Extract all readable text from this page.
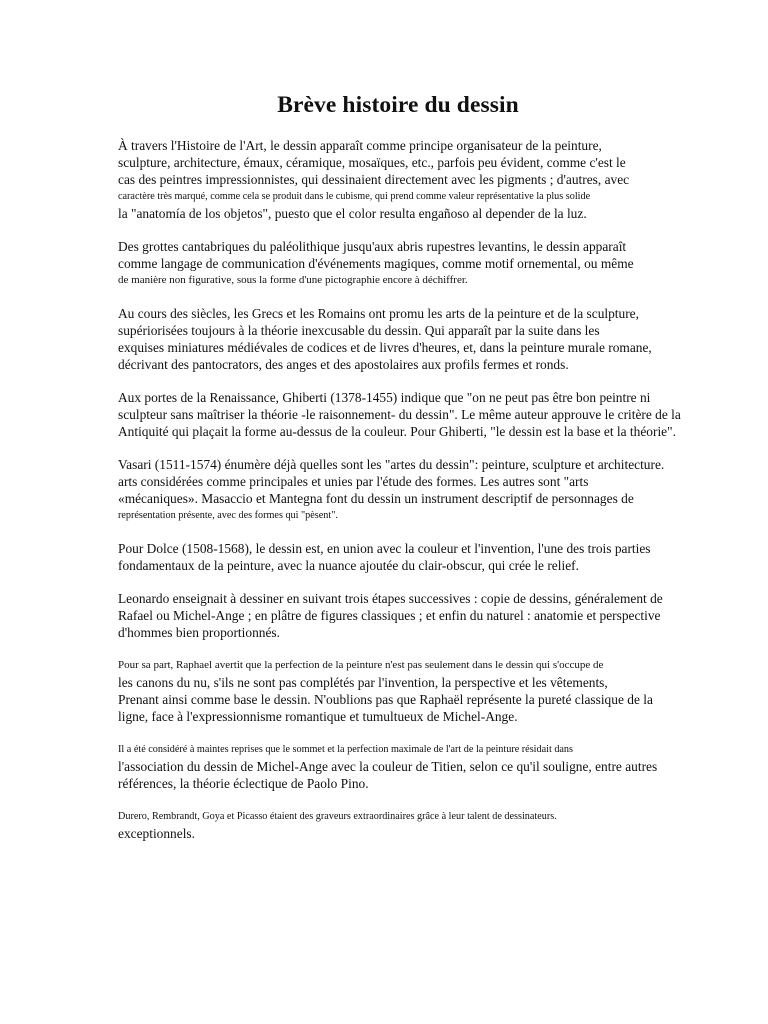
Brève histoire du dessin
À travers l'Histoire de l'Art, le dessin apparaît comme principe organisateur de la peinture,
sculpture, architecture, émaux, céramique, mosaïques, etc., parfois peu évident, comme c'est le
cas des peintres impressionnistes, qui dessinaient directement avec les pigments ; d'autres, avec
caractère très marqué, comme cela se produit dans le cubisme, qui prend comme valeur représentative la plus solide
la "anatomía de los objetos", puesto que el color resulta engañoso al depender de la luz.
Des grottes cantabriques du paléolithique jusqu'aux abris rupestres levantins, le dessin apparaît
comme langage de communication d'événements magiques, comme motif ornemental, ou même
de manière non figurative, sous la forme d'une pictographie encore à déchiffrer.
Au cours des siècles, les Grecs et les Romains ont promu les arts de la peinture et de la sculpture,
supériorisées toujours à la théorie inexcusable du dessin. Qui apparaît par la suite dans les
exquises miniatures médiévales de codices et de livres d'heures, et, dans la peinture murale romane,
décrivant des pantocrators, des anges et des apostolaires aux profils fermes et ronds.
Aux portes de la Renaissance, Ghiberti (1378-1455) indique que "on ne peut pas être bon peintre ni
sculpteur sans maîtriser la théorie -le raisonnement- du dessin". Le même auteur approuve le critère de la
Antiquité qui plaçait la forme au-dessus de la couleur. Pour Ghiberti, "le dessin est la base et la théorie".
Vasari (1511-1574) énumère déjà quelles sont les "artes du dessin": peinture, sculpture et architecture.
arts considérées comme principales et unies par l'étude des formes. Les autres sont "arts
«mécaniques». Masaccio et Mantegna font du dessin un instrument descriptif de personnages de
représentation présente, avec des formes qui "pèsent".
Pour Dolce (1508-1568), le dessin est, en union avec la couleur et l'invention, l'une des trois parties
fondamentaux de la peinture, avec la nuance ajoutée du clair-obscur, qui crée le relief.
Leonardo enseignait à dessiner en suivant trois étapes successives : copie de dessins, généralement de
Rafael ou Michel-Ange ; en plâtre de figures classiques ; et enfin du naturel : anatomie et perspective
d'hommes bien proportionnés.
Pour sa part, Raphael avertit que la perfection de la peinture n'est pas seulement dans le dessin qui s'occupe de
les canons du nu, s'ils ne sont pas complétés par l'invention, la perspective et les vêtements,
Prenant ainsi comme base le dessin. N'oublions pas que Raphaël représente la pureté classique de la
ligne, face à l'expressionnisme romantique et tumultueux de Michel-Ange.
Il a été considéré à maintes reprises que le sommet et la perfection maximale de l'art de la peinture résidait dans
l'association du dessin de Michel-Ange avec la couleur de Titien, selon ce qu'il souligne, entre autres
références, la théorie éclectique de Paolo Pino.
Durero, Rembrandt, Goya et Picasso étaient des graveurs extraordinaires grâce à leur talent de dessinateurs.
exceptionnels.
